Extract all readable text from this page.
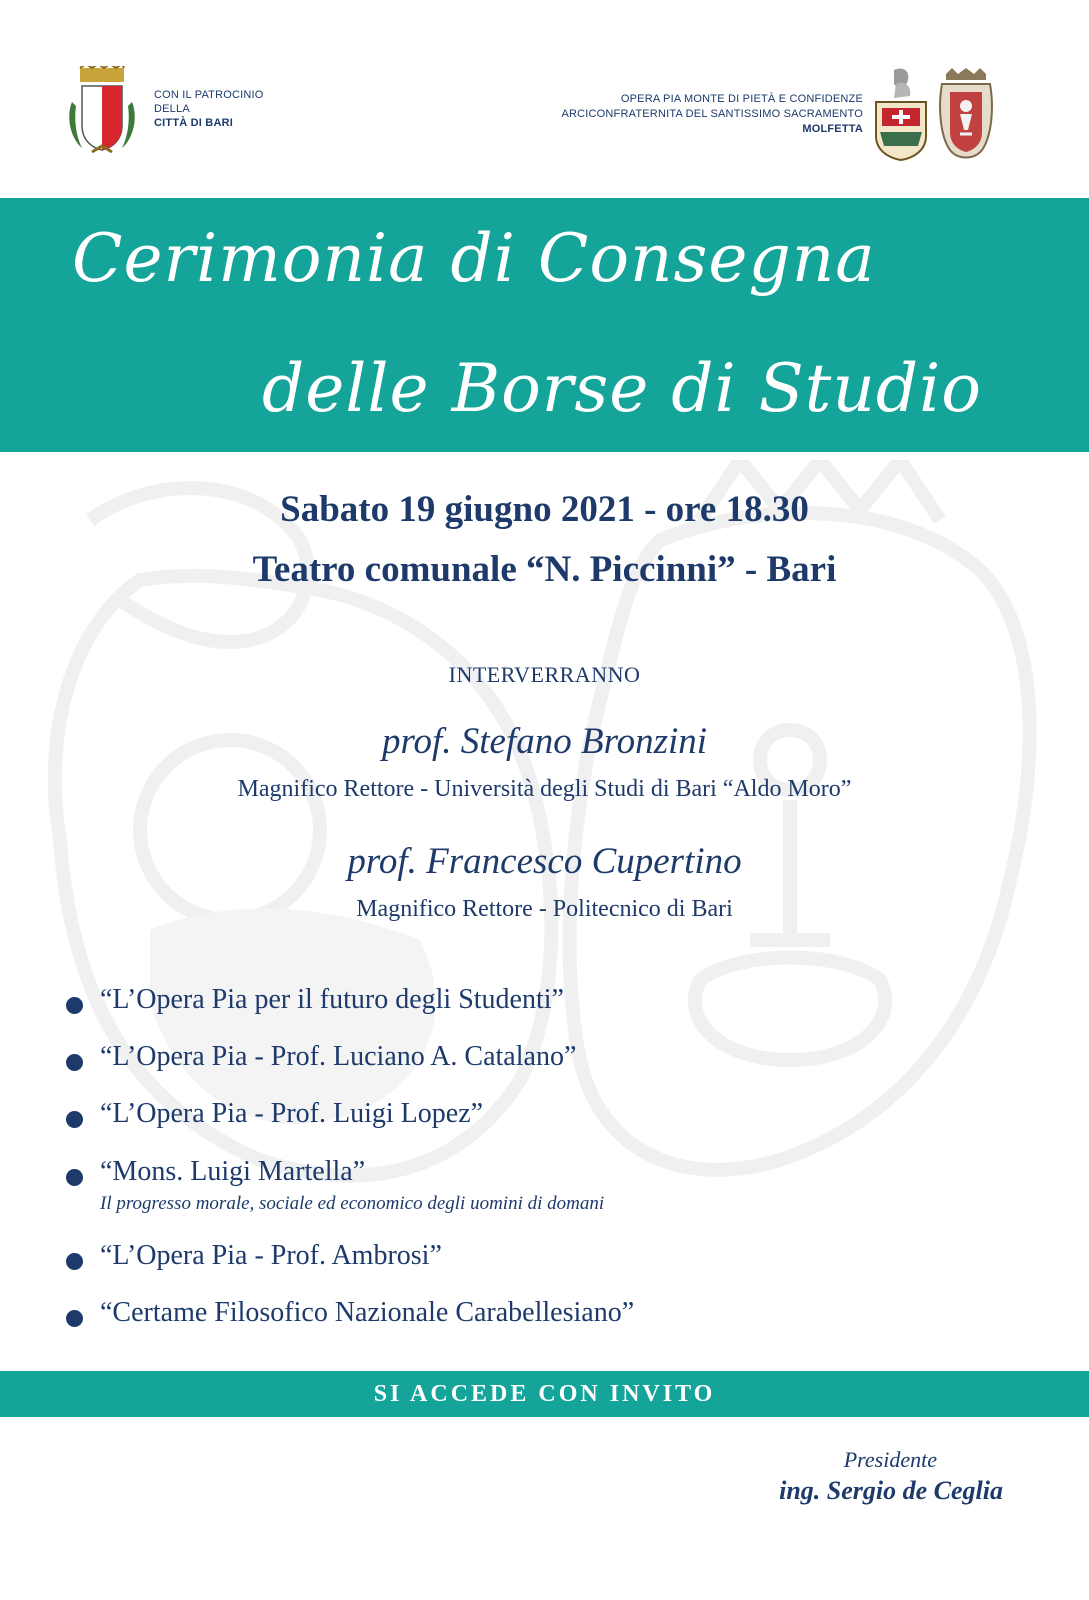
CON IL PATROCINIO
DELLA
CITTÀ DI BARI
OPERA PIA MONTE DI PIETÀ E CONFIDENZE
ARCICONFRATERNITA DEL SANTISSIMO SACRAMENTO
MOLFETTA
Cerimonia di Consegna
delle Borse di Studio
Sabato 19 giugno 2021 - ore 18.30
Teatro comunale “N. Piccinni” - Bari
INTERVERRANNO
prof. Stefano Bronzini
Magnifico Rettore - Università degli Studi di Bari “Aldo Moro”
prof. Francesco Cupertino
Magnifico Rettore - Politecnico di Bari
“L’Opera Pia per il futuro degli Studenti”
“L’Opera Pia - Prof. Luciano A. Catalano”
“L’Opera Pia - Prof. Luigi Lopez”
“Mons. Luigi Martella”
Il progresso morale, sociale ed economico degli uomini di domani
“L’Opera Pia - Prof. Ambrosi”
“Certame Filosofico Nazionale Carabellesiano”
SI ACCEDE CON INVITO
Presidente
ing. Sergio de Ceglia
